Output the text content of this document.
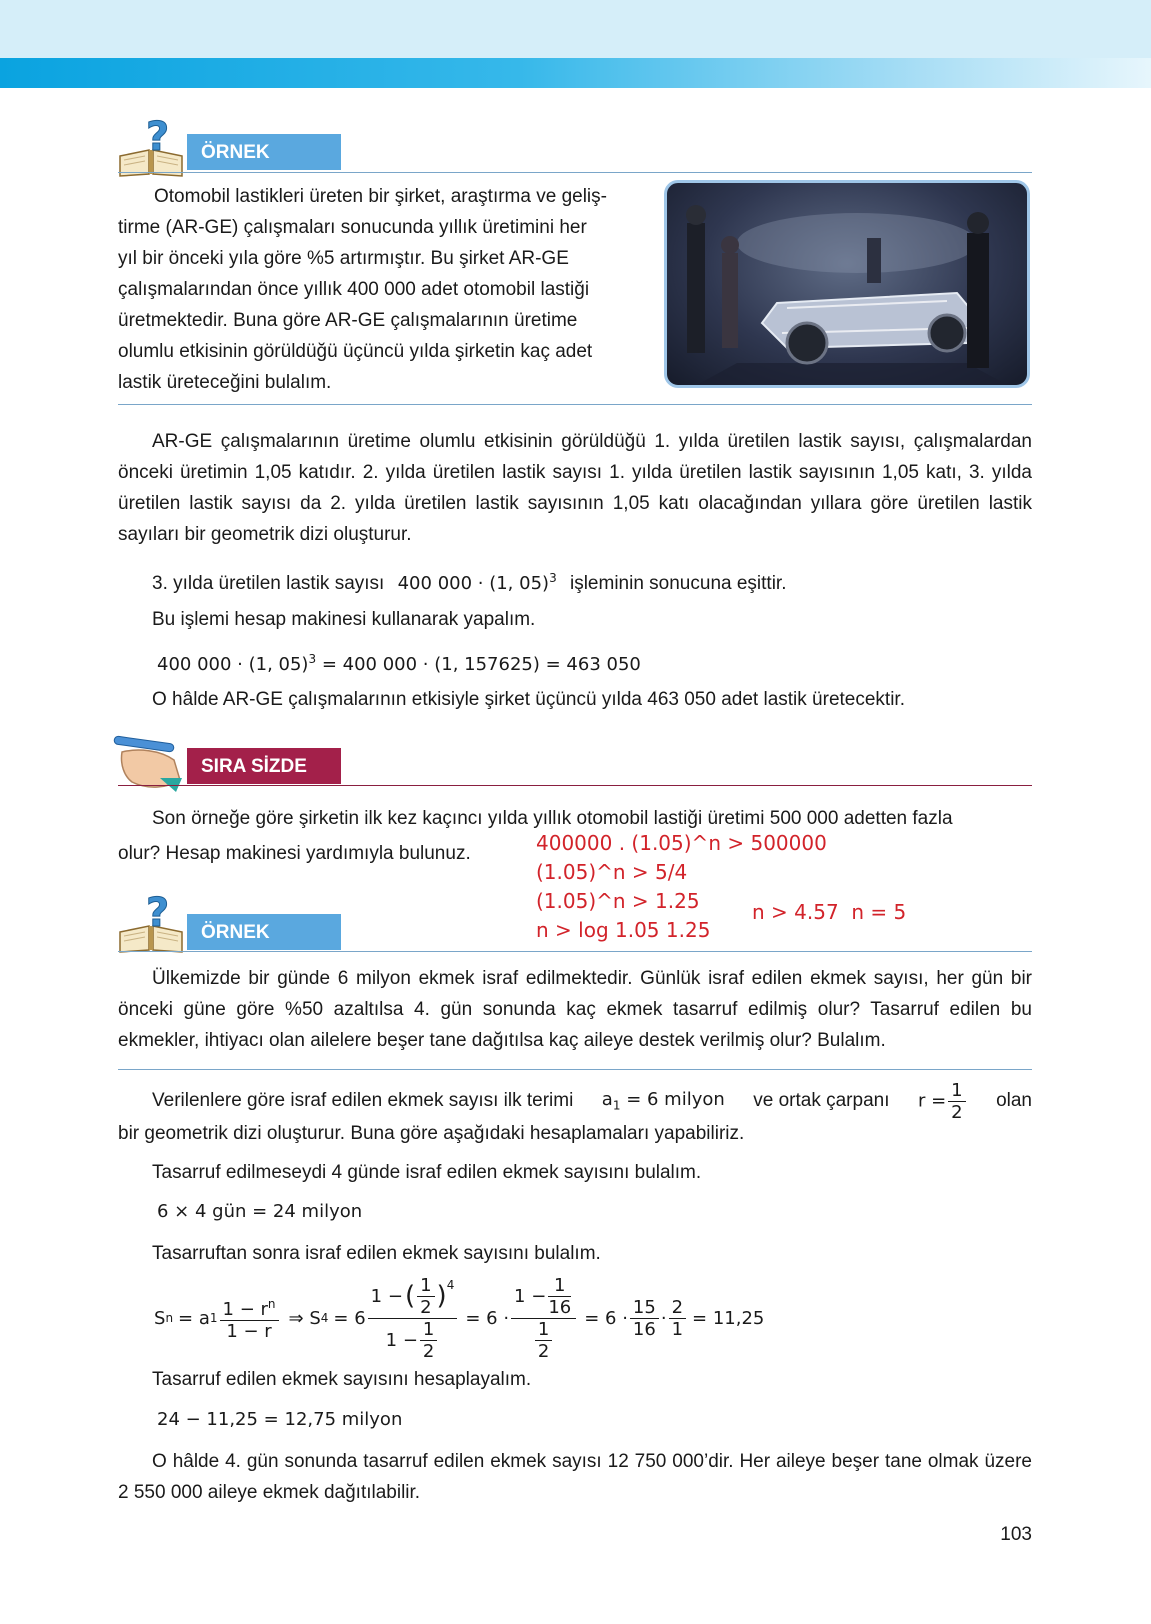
?	ÖRNEK
Otomobil lastikleri üreten bir şirket, araştırma ve geliş-
tirme (AR-GE) çalışmaları sonucunda yıllık üretimini her
yıl bir önceki yıla göre %5 artırmıştır. Bu şirket AR-GE
çalışmalarından önce yıllık 400 000 adet otomobil lastiği
üretmektedir. Buna göre AR-GE çalışmalarının üretime
olumlu etkisinin görüldüğü üçüncü yılda şirketin kaç adet
lastik üreteceğini bulalım.
AR-GE çalışmalarının üretime olumlu etkisinin görüldüğü 1. yılda üretilen lastik sayısı, çalışmalardan önceki üretimin 1,05 katıdır. 2. yılda üretilen lastik sayısı 1. yılda üretilen lastik sayısının 1,05 katı, 3. yılda üretilen lastik sayısı da 2. yılda üretilen lastik sayısının 1,05 katı olacağından yıllara göre üretilen lastik sayıları bir geometrik dizi oluşturur.
3. yılda üretilen lastik sayısı 400 000 · (1, 05)$^3$ işleminin sonucuna eşittir.
Bu işlemi hesap makinesi kullanarak yapalım.
400 000 · (1, 05)$^3$ = 400 000 · (1, 157625) = 463 050
O hâlde AR-GE çalışmalarının etkisiyle şirket üçüncü yılda 463 050 adet lastik üretecektir.
SIRA SİZDE
Son örneğe göre şirketin ilk kez kaçıncı yılda yıllık otomobil lastiği üretimi 500 000 adetten fazla
olur? Hesap makinesi yardımıyla bulunuz.	400000 . (1.05)^n > 500000
(1.05)^n > 5/4
(1.05)^n > 1.25
n > log 1.05 1.25
n > 4.57  n = 5
?	ÖRNEK
Ülkemizde bir günde 6 milyon ekmek israf edilmektedir. Günlük israf edilen ekmek sayısı, her gün bir önceki güne göre %50 azaltılsa 4. gün sonunda kaç ekmek tasarruf edilmiş olur? Tasarruf edilen bu ekmekler, ihtiyacı olan ailelere beşer tane dağıtılsa kaç aileye destek verilmiş olur? Bulalım.
Verilenlere göre israf edilen ekmek sayısı ilk terimi $a_1 = 6$ milyon ve ortak çarpanı $r = \frac{1}{2}$ olan
bir geometrik dizi oluşturur. Buna göre aşağıdaki hesaplamaları yapabiliriz.
Tasarruf edilmeseydi 4 günde israf edilen ekmek sayısını bulalım.
6 × 4 gün = 24 milyon
Tasarruftan sonra israf edilen ekmek sayısını bulalım.
S n = a $1 \frac{1 - r^n}{1 - r}$ ⇒ S $4 = 6 \frac{1 - ( \frac{1}{2} )^4}{1 - \frac{1}{2}} = 6 \cdot \frac{1 - \frac{1}{16}}{\frac{1}{2}} = 6 \cdot \frac{15}{16} \cdot \frac{2}{1} = 11,25$
Tasarruf edilen ekmek sayısını hesaplayalım.
24 − 11,25 = 12,75 milyon
O hâlde 4. gün sonunda tasarruf edilen ekmek sayısı 12 750 000’dir. Her aileye beşer tane olmak üzere 2 550 000 aileye ekmek dağıtılabilir.
103
